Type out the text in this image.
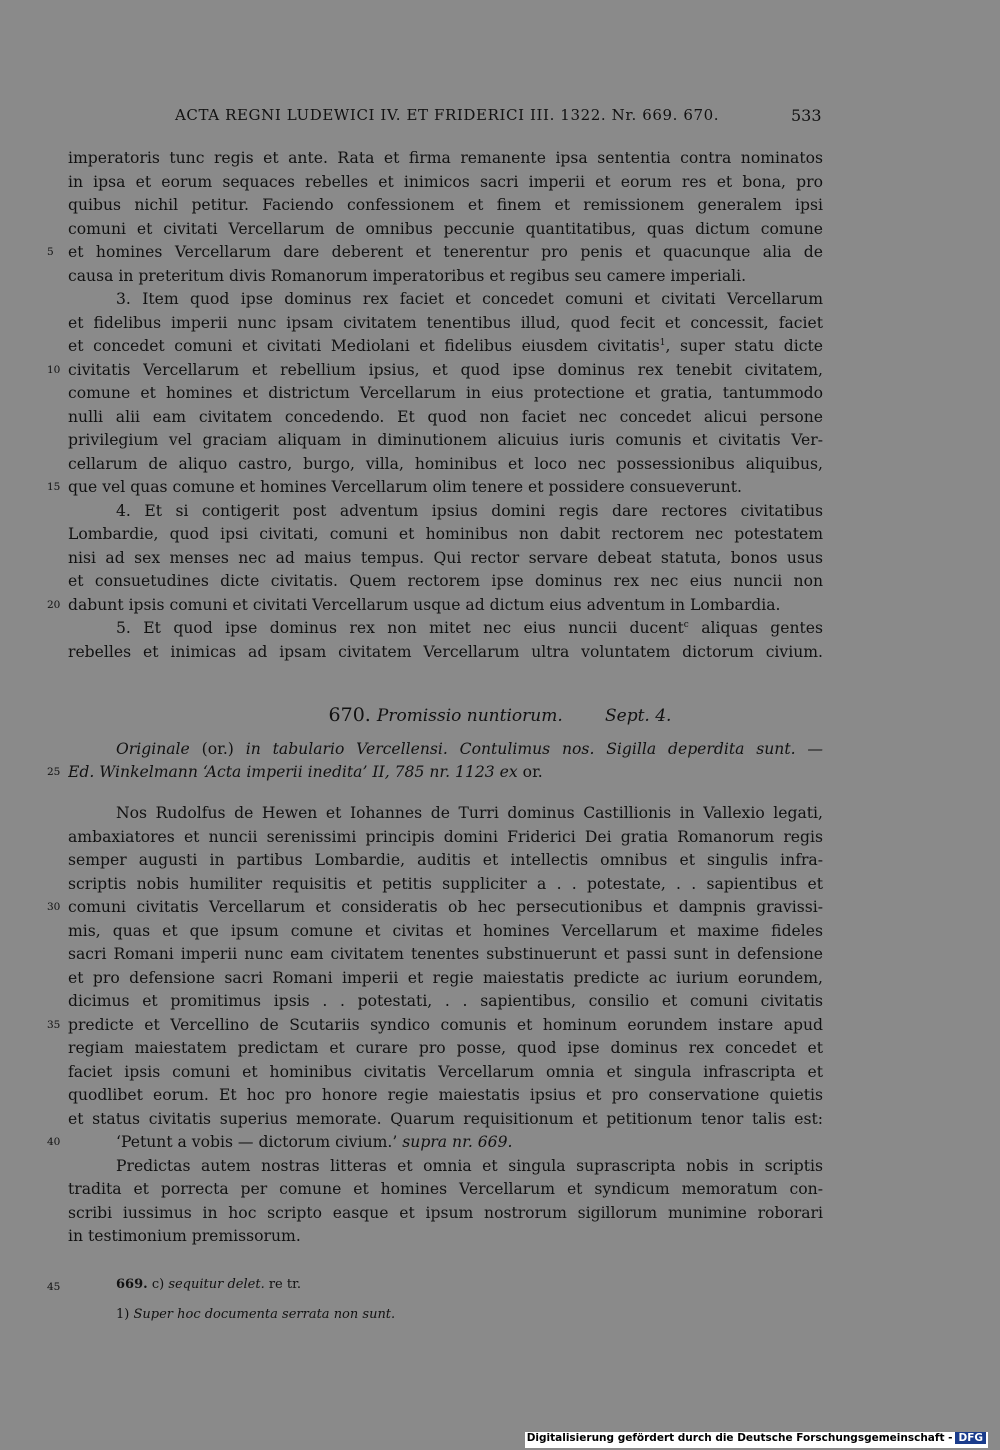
ACTA REGNI LUDEWICI IV. ET FRIDERICI III. 1322. Nr. 669. 670.	533
imperatoris tunc regis et ante. Rata et firma remanente ipsa sententia contra nominatos
in ipsa et eorum sequaces rebelles et inimicos sacri imperii et eorum res et bona, pro
quibus nichil petitur. Faciendo confessionem et finem et remissionem generalem ipsi
comuni et civitati Vercellarum de omnibus peccunie quantitatibus, quas dictum comune
et homines Vercellarum dare deberent et tenerentur pro penis et quacunque alia de
causa in preteritum divis Romanorum imperatoribus et regibus seu camere imperiali.
3. Item quod ipse dominus rex faciet et concedet comuni et civitati Vercellarum
et fidelibus imperii nunc ipsam civitatem tenentibus illud, quod fecit et concessit, faciet
et concedet comuni et civitati Mediolani et fidelibus eiusdem civitatis$^1$, super statu dicte
civitatis Vercellarum et rebellium ipsius, et quod ipse dominus rex tenebit civitatem,
comune et homines et districtum Vercellarum in eius protectione et gratia, tantummodo
nulli alii eam civitatem concedendo. Et quod non faciet nec concedet alicui persone
privilegium vel graciam aliquam in diminutionem alicuius iuris comunis et civitatis Ver-
cellarum de aliquo castro, burgo, villa, hominibus et loco nec possessionibus aliquibus,
que vel quas comune et homines Vercellarum olim tenere et possidere consueverunt.
4. Et si contigerit post adventum ipsius domini regis dare rectores civitatibus
Lombardie, quod ipsi civitati, comuni et hominibus non dabit rectorem nec potestatem
nisi ad sex menses nec ad maius tempus. Qui rector servare debeat statuta, bonos usus
et consuetudines dicte civitatis. Quem rectorem ipse dominus rex nec eius nuncii non
dabunt ipsis comuni et civitati Vercellarum usque ad dictum eius adventum in Lombardia.
5. Et quod ipse dominus rex non mitet nec eius nuncii ducent$^c$ aliquas gentes
rebelles et inimicas ad ipsam civitatem Vercellarum ultra voluntatem dictorum civium.
670. Promissio nuntiorum. Sept. 4.
Originale (or.) in tabulario Vercellensi. Contulimus nos. Sigilla deperdita sunt. —
Ed. Winkelmann ‘Acta imperii inedita’ II, 785 nr. 1123 ex or.
Nos Rudolfus de Hewen et Iohannes de Turri dominus Castillionis in Vallexio legati,
ambaxiatores et nuncii serenissimi principis domini Friderici Dei gratia Romanorum regis
semper augusti in partibus Lombardie, auditis et intellectis omnibus et singulis infra-
scriptis nobis humiliter requisitis et petitis suppliciter a . . potestate, . . sapientibus et
comuni civitatis Vercellarum et consideratis ob hec persecutionibus et dampnis gravissi-
mis, quas et que ipsum comune et civitas et homines Vercellarum et maxime fideles
sacri Romani imperii nunc eam civitatem tenentes substinuerunt et passi sunt in defensione
et pro defensione sacri Romani imperii et regie maiestatis predicte ac iurium eorundem,
dicimus et promitimus ipsis . . potestati, . . sapientibus, consilio et comuni civitatis
predicte et Vercellino de Scutariis syndico comunis et hominum eorundem instare apud
regiam maiestatem predictam et curare pro posse, quod ipse dominus rex concedet et
faciet ipsis comuni et hominibus civitatis Vercellarum omnia et singula infrascripta et
quodlibet eorum. Et hoc pro honore regie maiestatis ipsius et pro conservatione quietis
et status civitatis superius memorate. Quarum requisitionum et petitionum tenor talis est:
‘Petunt a vobis — dictorum civium.’ supra nr. 669.
Predictas autem nostras litteras et omnia et singula suprascripta nobis in scriptis
tradita et porrecta per comune et homines Vercellarum et syndicum memoratum con-
scribi iussimus in hoc scripto easque et ipsum nostrorum sigillorum munimine roborari
in testimonium premissorum.
5
10
15
20
25
30
35
40
45	669. c) sequitur delet. re tr.
1) Super hoc documenta serrata non sunt.
Digitalisierung gefördert durch die Deutsche Forschungsgemeinschaft - DFG
